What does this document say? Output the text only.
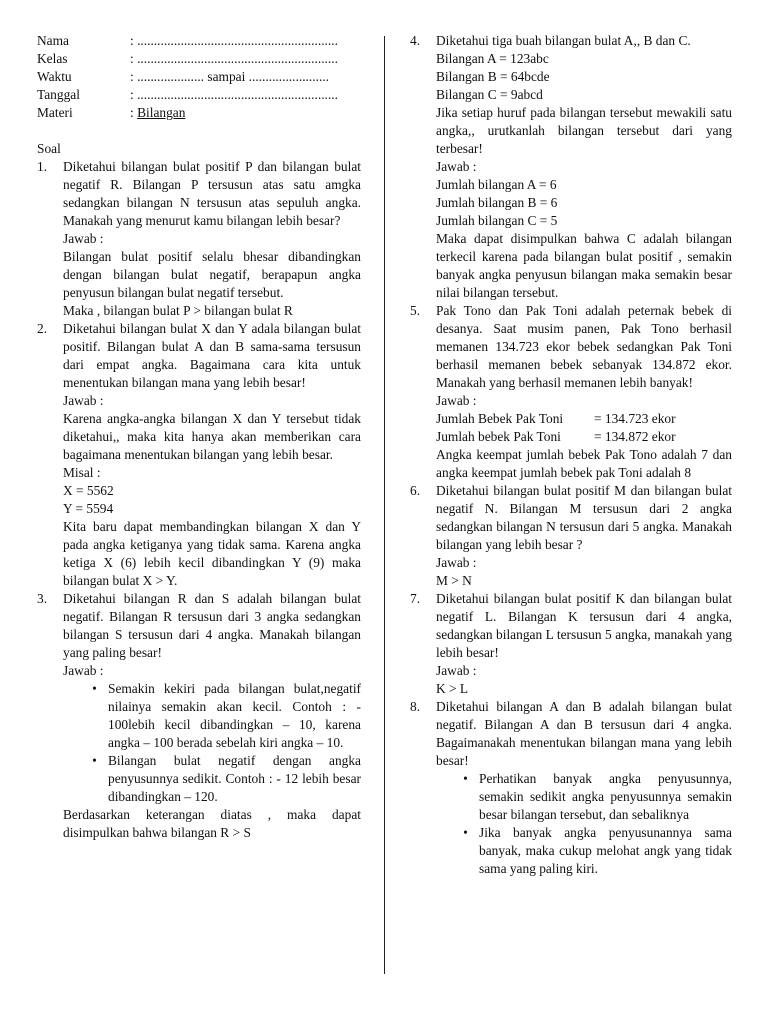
Nama	: ............................................................
Kelas	: ............................................................
Waktu	: .................... sampai ........................
Tanggal	: ............................................................
Materi	: Bilangan
Soal
1.	Diketahui bilangan bulat positif P dan bilangan bulat negatif R. Bilangan P tersusun atas satu amgka sedangkan bilangan N tersusun atas sepuluh angka. Manakah yang menurut kamu bilangan lebih besar?
Jawab :
Bilangan bulat positif selalu bhesar dibandingkan dengan bilangan bulat negatif, berapapun angka penyusun bilangan bulat negatif tersebut.
Maka , bilangan bulat P > bilangan bulat R
2.	Diketahui bilangan bulat X dan Y adala bilangan bulat positif. Bilangan bulat A dan B sama-sama tersusun dari empat angka. Bagaimana cara kita untuk menentukan bilangan mana yang lebih besar!
Jawab :
Karena angka-angka bilangan X dan Y tersebut tidak diketahui,, maka kita hanya akan memberikan cara bagaimana menentukan bilangan yang lebih besar.
Misal :
X = 5562
Y = 5594
Kita baru dapat membandingkan bilangan X dan Y pada angka ketiganya yang tidak sama. Karena angka ketiga X (6) lebih kecil dibandingkan Y (9) maka bilangan bulat X > Y.
3.	Diketahui bilangan R dan S adalah bilangan bulat negatif. Bilangan R tersusun dari 3 angka sedangkan bilangan S tersusun dari 4 angka. Manakah bilangan yang paling besar!
Jawab :
• Semakin kekiri pada bilangan bulat,negatif nilainya semakin akan kecil. Contoh : - 100lebih kecil dibandingkan – 10, karena angka – 100 berada sebelah kiri angka – 10.
• Bilangan bulat negatif dengan angka penyusunnya sedikit. Contoh : - 12 lebih besar dibandingkan – 120.
Berdasarkan keterangan diatas , maka dapat disimpulkan bahwa bilangan R > S
4.	Diketahui tiga buah bilangan bulat A,, B dan C.
Bilangan A = 123abc
Bilangan B = 64bcde
Bilangan C = 9abcd
Jika setiap huruf pada bilangan tersebut mewakili satu angka,, urutkanlah bilangan tersebut dari yang terbesar!
Jawab :
Jumlah bilangan A = 6
Jumlah bilangan B = 6
Jumlah bilangan C = 5
Maka dapat disimpulkan bahwa C adalah bilangan terkecil karena pada bilangan bulat positif , semakin banyak angka penyusun bilangan maka semakin besar nilai bilangan tersebut.
5.	Pak Tono dan Pak Toni adalah peternak bebek di desanya. Saat musim panen, Pak Tono berhasil memanen 134.723 ekor bebek sedangkan Pak Toni berhasil memanen bebek sebanyak 134.872 ekor. Manakah yang berhasil memanen lebih banyak!
Jawab :
Jumlah Bebek Pak Toni	= 134.723 ekor
Jumlah bebek Pak Toni	= 134.872 ekor
Angka keempat jumlah bebek Pak Tono adalah 7 dan angka keempat jumlah bebek pak Toni adalah 8
6.	Diketahui bilangan bulat positif M dan bilangan bulat negatif N. Bilangan M tersusun dari 2 angka sedangkan bilangan N tersusun dari 5 angka. Manakah bilangan yang lebih besar ?
Jawab :
M > N
7.	Diketahui bilangan bulat positif K dan bilangan bulat negatif L. Bilangan K tersusun dari 4 angka, sedangkan bilangan L tersusun 5 angka, manakah yang lebih besar!
Jawab :
K > L
8.	Diketahui bilangan A dan B adalah bilangan bulat negatif. Bilangan A dan B tersusun dari 4 angka. Bagaimanakah menentukan bilangan mana yang lebih besar!
• Perhatikan banyak angka penyusunnya, semakin sedikit angka penyusunnya semakin besar bilangan tersebut, dan sebaliknya
• Jika banyak angka penyusunannya sama banyak, maka cukup melohat angk yang tidak sama yang paling kiri.
